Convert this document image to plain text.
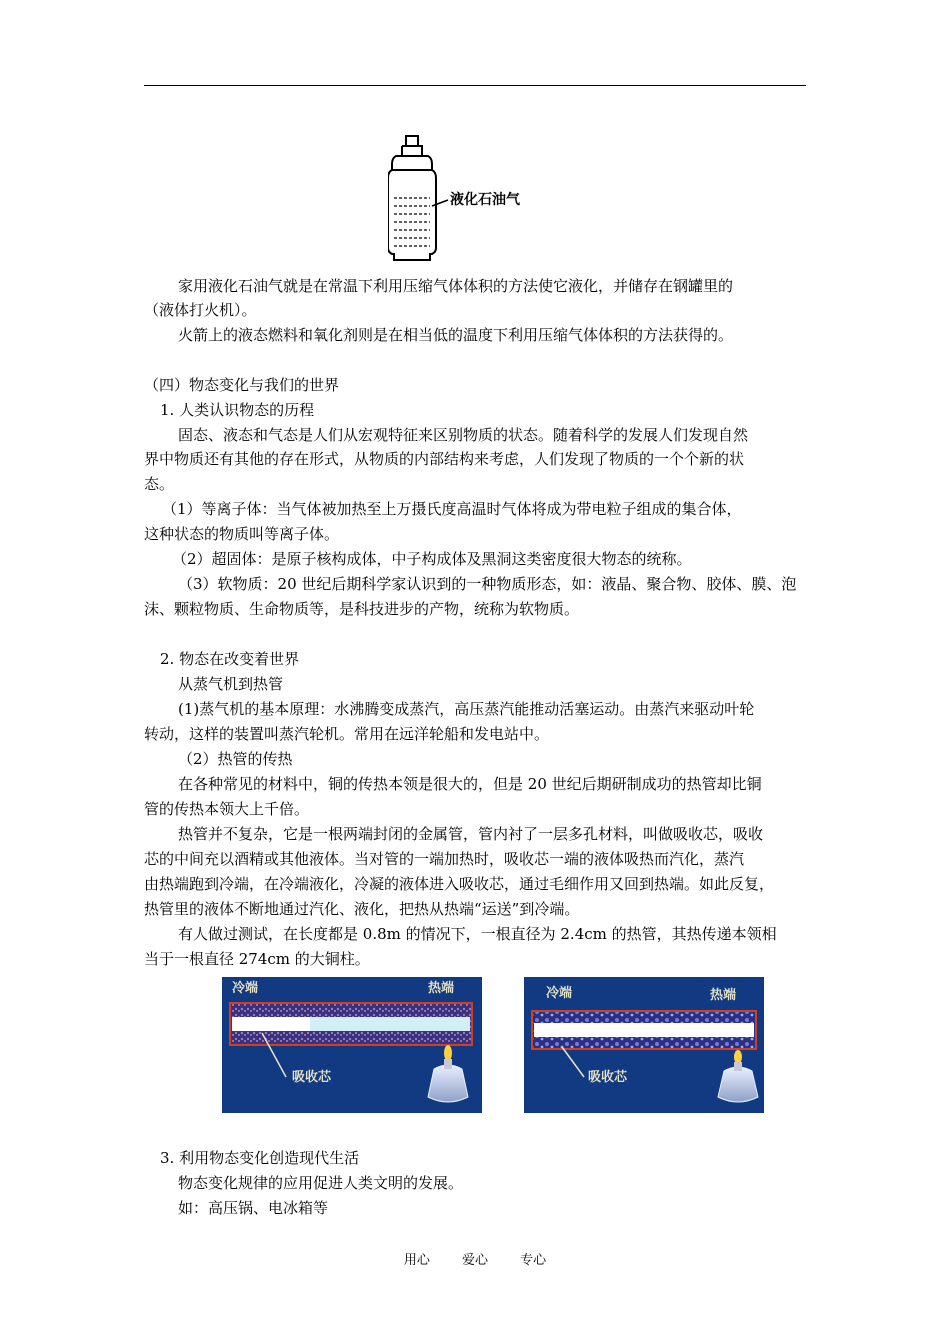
液化石油气
家用液化石油气就是在常温下利用压缩气体体积的方法使它液化，并储存在钢罐里的
（液体打火机）。
火箭上的液态燃料和氧化剂则是在相当低的温度下利用压缩气体体积的方法获得的。
（四）物态变化与我们的世界
1. 人类认识物态的历程
固态、液态和气态是人们从宏观特征来区别物质的状态。随着科学的发展人们发现自然
界中物质还有其他的存在形式，从物质的内部结构来考虑，人们发现了物质的一个个新的状
态。
（1）等离子体：当气体被加热至上万摄氏度高温时气体将成为带电粒子组成的集合体，
这种状态的物质叫等离子体。
（2）超固体：是原子核构成体，中子构成体及黑洞这类密度很大物态的统称。
（3）软物质：20 世纪后期科学家认识到的一种物质形态，如：液晶、聚合物、胶体、膜、泡
沫、颗粒物质、生命物质等，是科技进步的产物，统称为软物质。
2. 物态在改变着世界
从蒸气机到热管
(1)蒸气机的基本原理：水沸腾变成蒸汽，高压蒸汽能推动活塞运动。由蒸汽来驱动叶轮
转动，这样的装置叫蒸汽轮机。常用在远洋轮船和发电站中。
（2）热管的传热
在各种常见的材料中，铜的传热本领是很大的，但是 20 世纪后期研制成功的热管却比铜
管的传热本领大上千倍。
热管并不复杂，它是一根两端封闭的金属管，管内衬了一层多孔材料，叫做吸收芯，吸收
芯的中间充以酒精或其他液体。当对管的一端加热时，吸收芯一端的液体吸热而汽化，蒸汽
由热端跑到冷端，在冷端液化，冷凝的液体进入吸收芯，通过毛细作用又回到热端。如此反复，
热管里的液体不断地通过汽化、液化，把热从热端“运送”到冷端。
有人做过测试，在长度都是 0.8m 的情况下，一根直径为 2.4cm 的热管，其热传递本领相
当于一根直径 274cm 的大铜柱。
冷端	热端
吸收芯
冷端	热端
吸收芯
3. 利用物态变化创造现代生活
物态变化规律的应用促进人类文明的发展。
如：高压锅、电冰箱等
用心 爱心 专心
